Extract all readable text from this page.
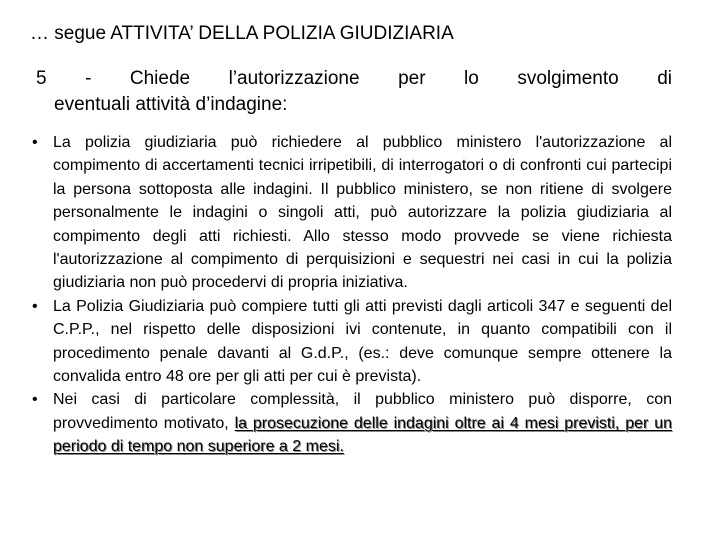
… segue ATTIVITA’ DELLA POLIZIA GIUDIZIARIA
5 - Chiede l’autorizzazione per lo svolgimento di
eventuali attività d’indagine:
• La polizia giudiziaria può richiedere al pubblico ministero l'autorizzazione al compimento di accertamenti tecnici irripetibili, di interrogatori o di confronti cui partecipi la persona sottoposta alle indagini. Il pubblico ministero, se non ritiene di svolgere personalmente le indagini o singoli atti, può autorizzare la polizia giudiziaria al compimento degli atti richiesti. Allo stesso modo provvede se viene richiesta l'autorizzazione al compimento di perquisizioni e sequestri nei casi in cui la polizia giudiziaria non può procedervi di propria iniziativa.
• La Polizia Giudiziaria può compiere tutti gli atti previsti dagli articoli 347 e seguenti del C.P.P., nel rispetto delle disposizioni ivi contenute, in quanto compatibili con il procedimento penale davanti al G.d.P., (es.: deve comunque sempre ottenere la convalida entro 48 ore per gli atti per cui è prevista).
• Nei casi di particolare complessità, il pubblico ministero può disporre, con provvedimento motivato, la prosecuzione delle indagini oltre ai 4 mesi previsti, per un periodo di tempo non superiore a 2 mesi.
